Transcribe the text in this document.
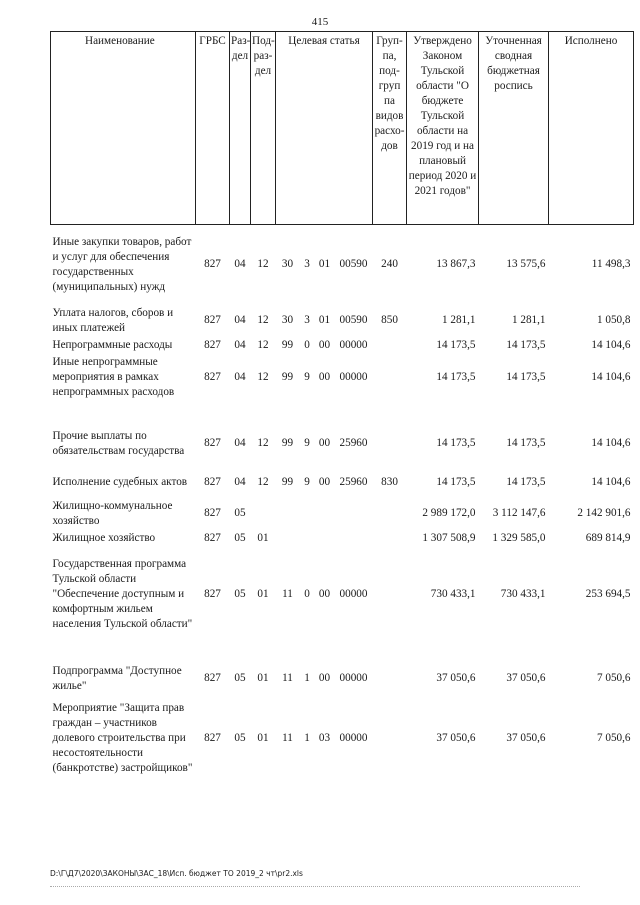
415
Наименование	ГРБС	Раз-дел	Под-раз-дел	Целевая статья				Груп-па, под-груп па видов расхо-дов	Утверждено Законом Тульской области "О бюджете Тульской области на 2019 год и на плановый период 2020 и 2021 годов"	Уточненная сводная бюджетная роспись	Исполнено
Иные закупки товаров, работ и услуг для обеспечения государственных (муниципальных) нужд	827	04	12	30	3	01	00590	240	13 867,3	13 575,6	11 498,3
Уплата налогов, сборов и иных платежей	827	04	12	30	3	01	00590	850	1 281,1	1 281,1	1 050,8
Непрограммные расходы	827	04	12	99	0	00	00000		14 173,5	14 173,5	14 104,6
Иные непрограммные мероприятия в рамках непрограммных расходов	827	04	12	99	9	00	00000		14 173,5	14 173,5	14 104,6

Прочие выплаты по обязательствам государства	827	04	12	99	9	00	25960		14 173,5	14 173,5	14 104,6
Исполнение судебных актов	827	04	12	99	9	00	25960	830	14 173,5	14 173,5	14 104,6
Жилищно-коммунальное хозяйство	827	05							2 989 172,0	3 112 147,6	2 142 901,6
Жилищное хозяйство	827	05	01						1 307 508,9	1 329 585,0	689 814,9
Государственная программа Тульской области "Обеспечение доступным и комфортным жильем населения Тульской области"	827	05	01	11	0	00	00000		730 433,1	730 433,1	253 694,5

Подпрограмма "Доступное жилье"	827	05	01	11	1	00	00000		37 050,6	37 050,6	7 050,6
Мероприятие "Защита прав граждан – участников долевого строительства при несостоятельности (банкротстве) застройщиков"	827	05	01	11	1	03	00000		37 050,6	37 050,6	7 050,6
D:\Г\Д7\2020\ЗАКОНЫ\ЗАС_18\Исп. бюджет ТО 2019_2 чт\pr2.xls
